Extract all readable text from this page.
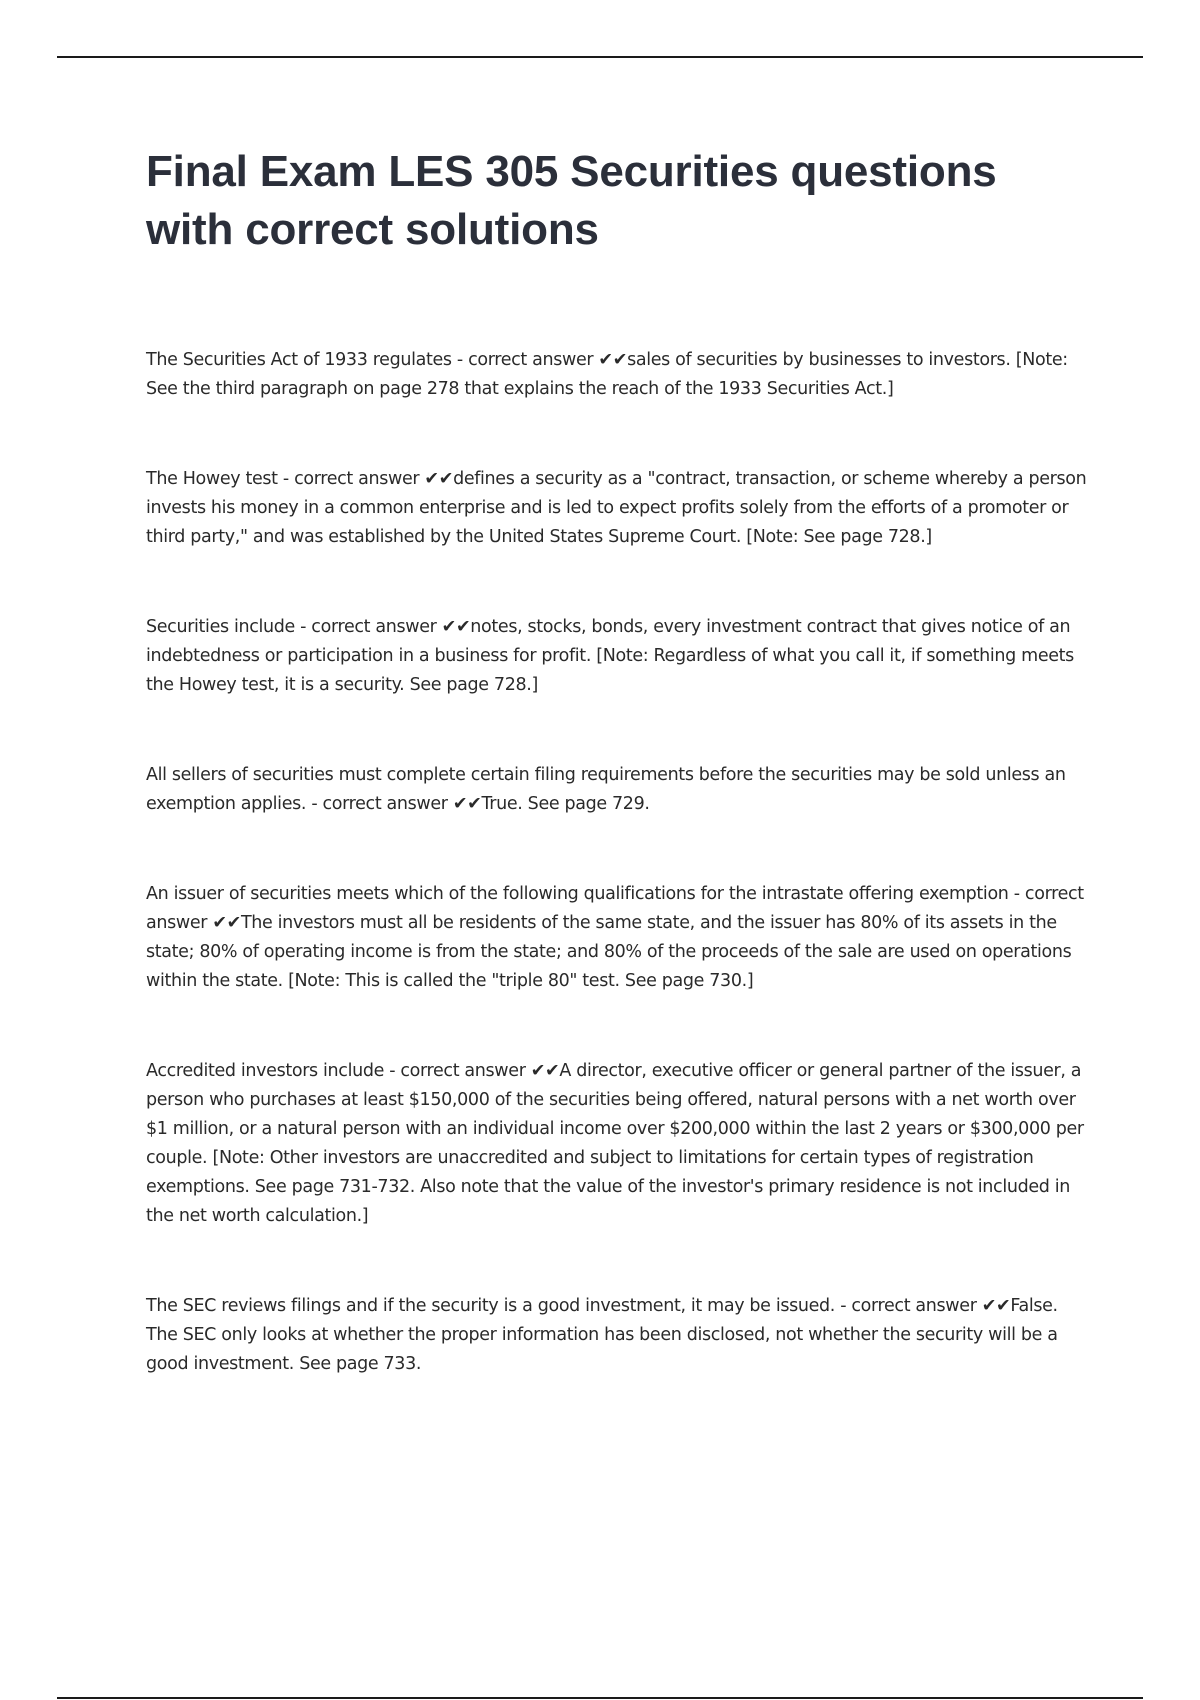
Final Exam LES 305 Securities questions with correct solutions

The Securities Act of 1933 regulates - correct answer ✔✔sales of securities by businesses to investors. [Note: See the third paragraph on page 278 that explains the reach of the 1933 Securities Act.]

The Howey test - correct answer ✔✔defines a security as a "contract, transaction, or scheme whereby a person invests his money in a common enterprise and is led to expect profits solely from the efforts of a promoter or third party," and was established by the United States Supreme Court. [Note: See page 728.]

Securities include - correct answer ✔✔notes, stocks, bonds, every investment contract that gives notice of an indebtedness or participation in a business for profit. [Note: Regardless of what you call it, if something meets the Howey test, it is a security. See page 728.]

All sellers of securities must complete certain filing requirements before the securities may be sold unless an exemption applies. - correct answer ✔✔True. See page 729.

An issuer of securities meets which of the following qualifications for the intrastate offering exemption - correct answer ✔✔The investors must all be residents of the same state, and the issuer has 80% of its assets in the state; 80% of operating income is from the state; and 80% of the proceeds of the sale are used on operations within the state. [Note: This is called the "triple 80" test. See page 730.]

Accredited investors include - correct answer ✔✔A director, executive officer or general partner of the issuer, a person who purchases at least $150,000 of the securities being offered, natural persons with a net worth over $1 million, or a natural person with an individual income over $200,000 within the last 2 years or $300,000 per couple. [Note: Other investors are unaccredited and subject to limitations for certain types of registration exemptions. See page 731-732. Also note that the value of the investor's primary residence is not included in the net worth calculation.]

The SEC reviews filings and if the security is a good investment, it may be issued. - correct answer ✔✔False. The SEC only looks at whether the proper information has been disclosed, not whether the security will be a good investment. See page 733.
